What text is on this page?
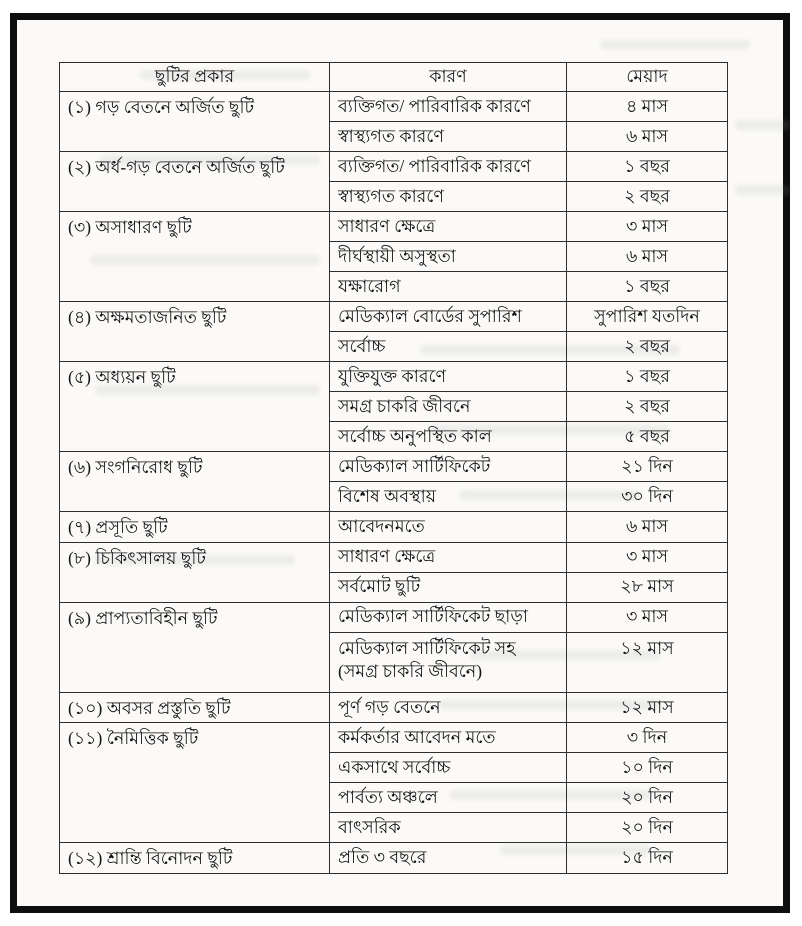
ছুটির প্রকার	কারণ	মেয়াদ
(১) গড় বেতনে অর্জিত ছুটি	ব্যক্তিগত/ পারিবারিক কারণে	৪ মাস
	স্বাস্থ্যগত কারণে	৬ মাস
(২) অর্ধ-গড় বেতনে অর্জিত ছুটি	ব্যক্তিগত/ পারিবারিক কারণে	১ বছর
	স্বাস্থ্যগত কারণে	২ বছর
(৩) অসাধারণ ছুটি	সাধারণ ক্ষেত্রে	৩ মাস
	দীর্ঘস্থায়ী অসুস্থতা	৬ মাস
	যক্ষারোগ	১ বছর
(৪) অক্ষমতাজনিত ছুটি	মেডিক্যাল বোর্ডের সুপারিশ	সুপারিশ যতদিন
	সর্বোচ্চ	২ বছর
(৫) অধ্যয়ন ছুটি	যুক্তিযুক্ত কারণে	১ বছর
	সমগ্র চাকরি জীবনে	২ বছর
	সর্বোচ্চ অনুপস্থিত কাল	৫ বছর
(৬) সংগনিরোধ ছুটি	মেডিক্যাল সার্টিফিকেট	২১ দিন
	বিশেষ অবস্থায়	৩০ দিন
(৭) প্রসূতি ছুটি	আবেদনমতে	৬ মাস
(৮) চিকিৎসালয় ছুটি	সাধারণ ক্ষেত্রে	৩ মাস
	সর্বমোট ছুটি	২৮ মাস
(৯) প্রাপ্যতাবিহীন ছুটি	মেডিক্যাল সার্টিফিকেট ছাড়া	৩ মাস
	মেডিক্যাল সার্টিফিকেট সহ (সমগ্র চাকরি জীবনে)	১২ মাস
(১০) অবসর প্রস্তুতি ছুটি	পূর্ণ গড় বেতনে	১২ মাস
(১১) নৈমিত্তিক ছুটি	কর্মকর্তার আবেদন মতে	৩ দিন
	একসাথে সর্বোচ্চ	১০ দিন
	পার্বত্য অঞ্চলে	২০ দিন
	বাৎসরিক	২০ দিন
(১২) শ্রান্তি বিনোদন ছুটি	প্রতি ৩ বছরে	১৫ দিন
